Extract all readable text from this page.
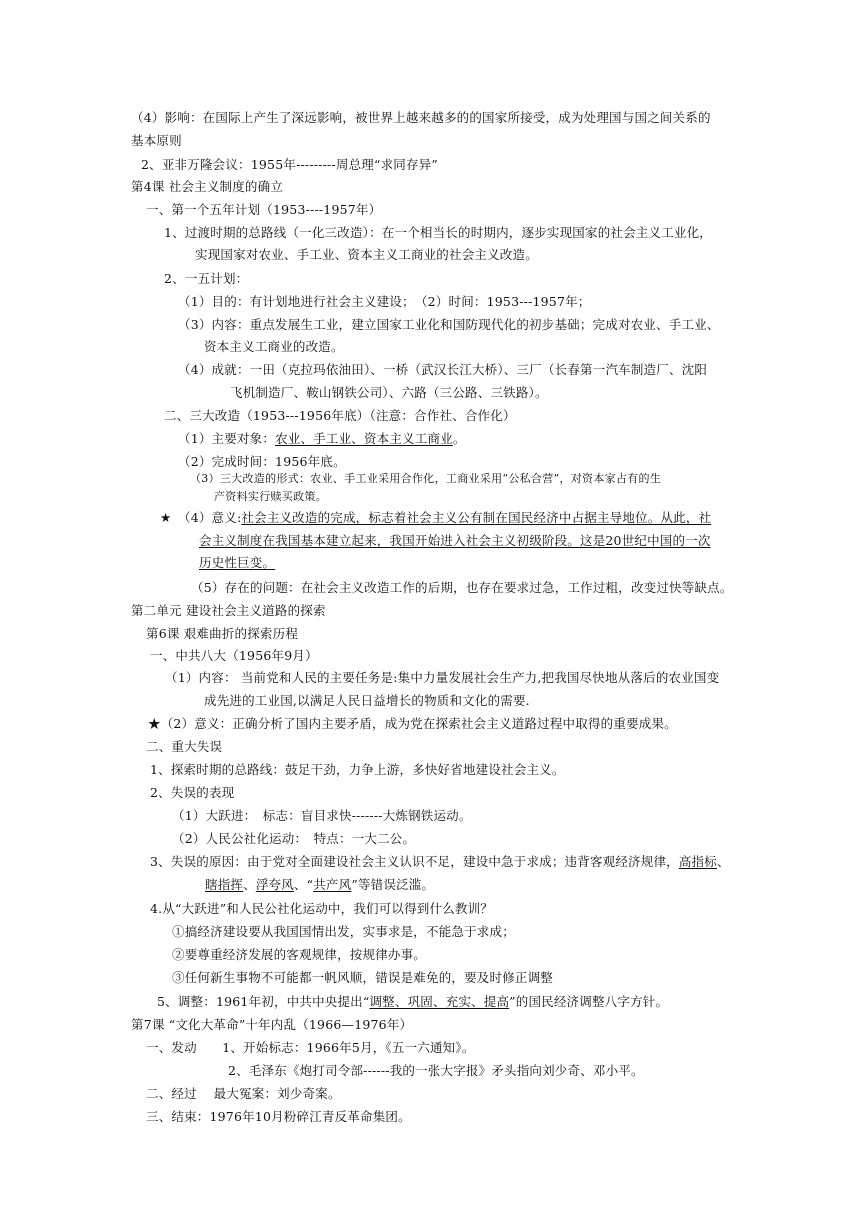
（4）影响：在国际上产生了深远影响，被世界上越来越多的的国家所接受，成为处理国与国之间关系的
基本原则
2、亚非万隆会议：1955年---------周总理“求同存异”
第4课 社会主义制度的确立
一、第一个五年计划（1953----1957年）
1、过渡时期的总路线（一化三改造）：在一个相当长的时期内，逐步实现国家的社会主义工业化，
实现国家对农业、手工业、资本主义工商业的社会主义改造。
2、一五计划：
（1）目的：有计划地进行社会主义建设；　（2）时间：1953---1957年；
（3）内容：重点发展生工业，建立国家工业化和国防现代化的初步基础；完成对农业、手工业、
资本主义工商业的改造。
（4）成就：一田（克拉玛依油田）、一桥（武汉长江大桥）、三厂（长春第一汽车制造厂、沈阳
飞机制造厂、鞍山钢铁公司）、六路（三公路、三铁路）。
二、三大改造（1953---1956年底）（注意：合作社、合作化）
（1）主要对象：农业、手工业、资本主义工商业。
（2）完成时间：1956年底。
（3）三大改造的形式：农业、手工业采用合作化，工商业采用“公私合营”，对资本家占有的生
产资料实行赎买政策。
★ （4）意义:社会主义改造的完成，标志着社会主义公有制在国民经济中占据主导地位。从此，社
会主义制度在我国基本建立起来，我国开始进入社会主义初级阶段。这是20世纪中国的一次
历史性巨变。
（5）存在的问题：在社会主义改造工作的后期，也存在要求过急，工作过粗，改变过快等缺点。
第二单元 建设社会主义道路的探索
第6课 艰难曲折的探索历程
一、中共八大（1956年9月）
（1）内容： 当前党和人民的主要任务是:集中力量发展社会生产力,把我国尽快地从落后的农业国变
成先进的工业国,以满足人民日益增长的物质和文化的需要.
★（2）意义：正确分析了国内主要矛盾，成为党在探索社会主义道路过程中取得的重要成果。
二、重大失误
1、探索时期的总路线：鼓足干劲，力争上游，多快好省地建设社会主义。
2、失误的表现
（1）大跃进：　标志：盲目求快-------大炼钢铁运动。
（2）人民公社化运动：　特点：一大二公。
3、失误的原因：由于党对全面建设社会主义认识不足，建设中急于求成；违背客观经济规律，高指标、
瞎指挥、浮夸风、“共产风”等错误泛滥。
4.从“大跃进”和人民公社化运动中，我们可以得到什么教训？
①搞经济建设要从我国国情出发，实事求是，不能急于求成；
②要尊重经济发展的客观规律，按规律办事。
③任何新生事物不可能都一帆风顺，错误是难免的，要及时修正调整
5、调整：1961年初，中共中央提出“调整、巩固、充实、提高”的国民经济调整八字方针。
第7课 “文化大革命”十年内乱（1966—1976年）
一、发动　　1、开始标志：1966年5月，《五一六通知》。
2、毛泽东《炮打司令部------我的一张大字报》矛头指向刘少奇、邓小平。
二、经过　 最大冤案：刘少奇案。
三、结束：1976年10月粉碎江青反革命集团。
